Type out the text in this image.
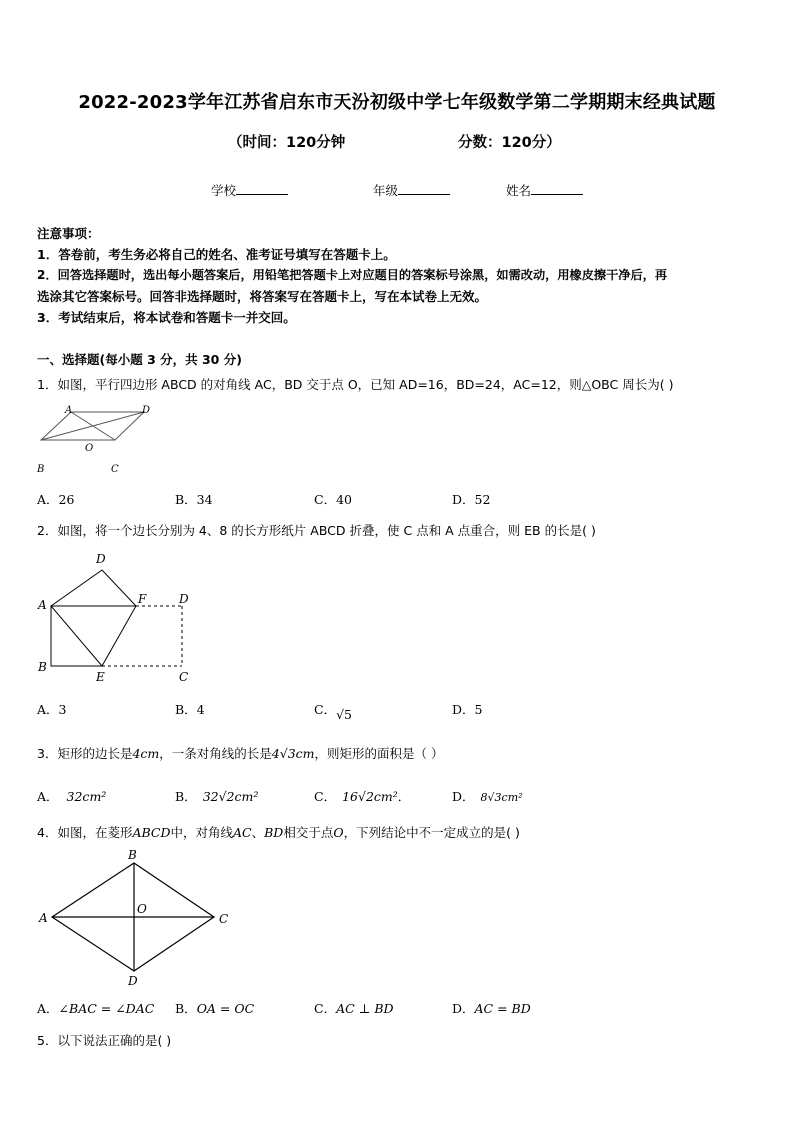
2022-2023学年江苏省启东市天汾初级中学七年级数学第二学期期末经典试题
（时间：120分钟	分数：120分）
学校	年级	姓名
注意事项：
1．答卷前，考生务必将自己的姓名、准考证号填写在答题卡上。
2．回答选择题时，选出每小题答案后，用铅笔把答题卡上对应题目的答案标号涂黑，如需改动，用橡皮擦干净后，再
选涂其它答案标号。回答非选择题时，将答案写在答题卡上，写在本试卷上无效。
3．考试结束后，将本试卷和答题卡一并交回。
一、选择题(每小题 3 分，共 30 分)
1．如图，平行四边形 ABCD 的对角线 AC，BD 交于点 O，已知 AD=16，BD=24，AC=12，则△OBC 周长为( )
A	D
O
B	C
A．26	B．34	C．40	D．52
2．如图，将一个边长分别为 4、8 的长方形纸片 ABCD 折叠，使 C 点和 A 点重合，则 EB 的长是( )
D
A	F	D
B
E	C
A．3	B．4	C．√5	D．5
3．矩形的边长是4cm，一条对角线的长是4√3cm，则矩形的面积是（ ）
A． 32cm²	B． 32√2cm²	C． 16√2cm²．	D． 8√3cm²
4．如图，在菱形ABCD中，对角线AC、BD相交于点O，下列结论中不一定成立的是( )
B
A
O
C
D
A．∠BAC = ∠DAC B．OA = OC	C．AC ⊥ BD	D．AC = BD
5．以下说法正确的是( )
